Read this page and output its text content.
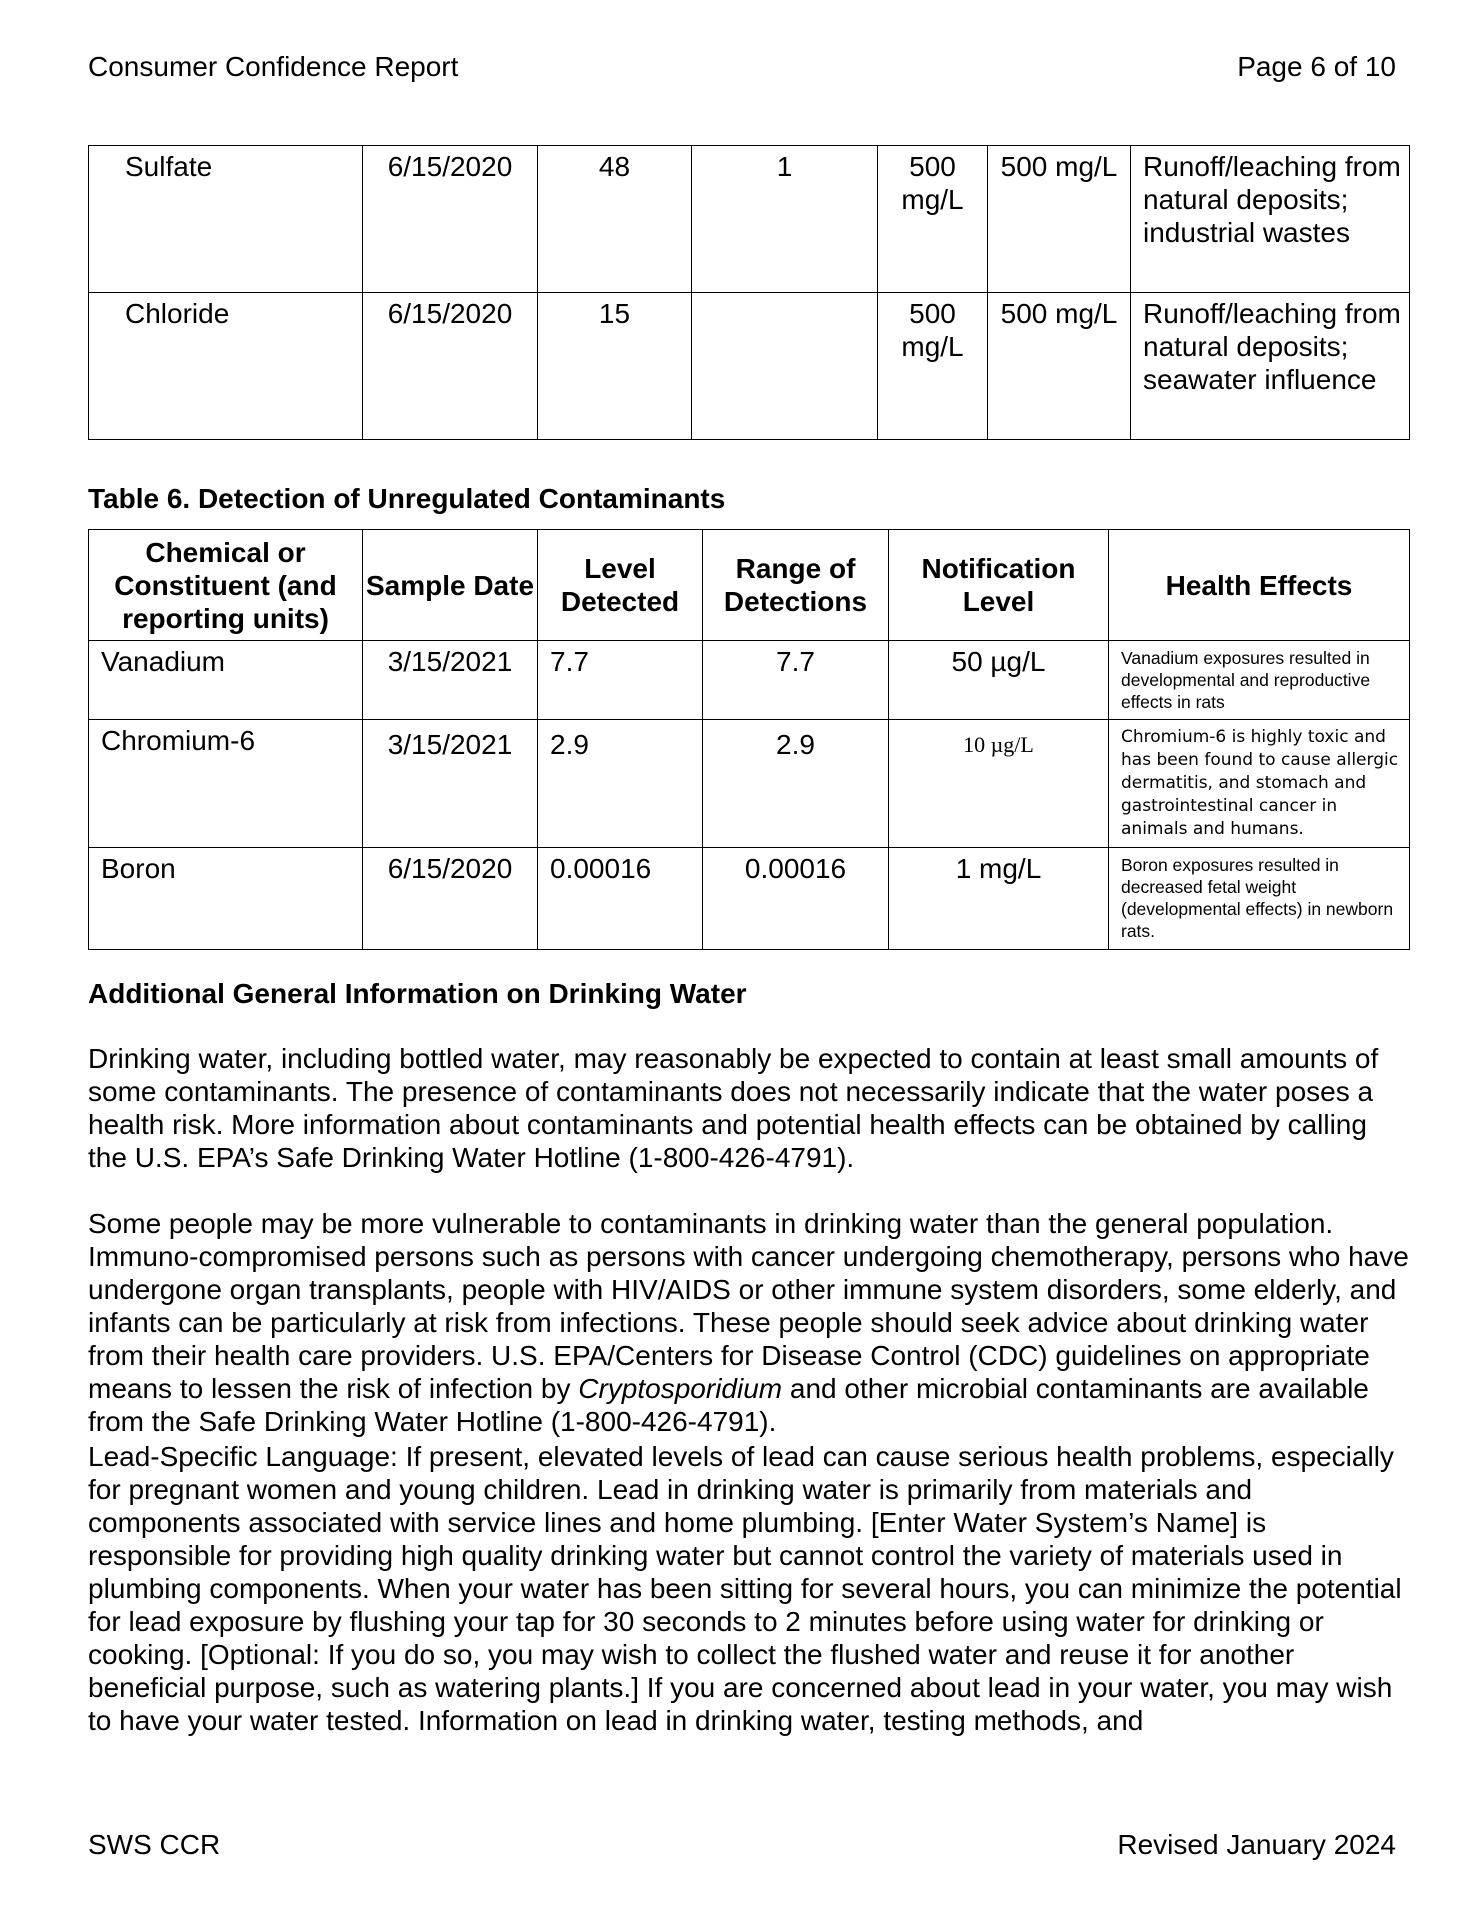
Consumer Confidence Report	Page 6 of 10
Sulfate	6/15/2020	48	1	500 mg/L	500 mg/L	Runoff/leaching from natural deposits; industrial wastes
Chloride	6/15/2020	15		500 mg/L	500 mg/L	Runoff/leaching from natural deposits; seawater influence
Table 6. Detection of Unregulated Contaminants
Chemical or Constituent (and reporting units)	Sample Date	Level Detected	Range of Detections	Notification Level	Health Effects
Vanadium	3/15/2021	7.7	7.7	50 µg/L	Vanadium exposures resulted in developmental and reproductive effects in rats
Chromium-6	3/15/2021	2.9	2.9	10 µg/L	Chromium-6 is highly toxic and has been found to cause allergic dermatitis, and stomach and gastrointestinal cancer in animals and humans.
Boron	6/15/2020	0.00016	0.00016	1 mg/L	Boron exposures resulted in decreased fetal weight (developmental effects) in newborn rats.
Additional General Information on Drinking Water

Drinking water, including bottled water, may reasonably be expected to contain at least small amounts of some contaminants. The presence of contaminants does not necessarily indicate that the water poses a health risk. More information about contaminants and potential health effects can be obtained by calling the U.S. EPA’s Safe Drinking Water Hotline (1-800-426-4791).

Some people may be more vulnerable to contaminants in drinking water than the general population. Immuno-compromised persons such as persons with cancer undergoing chemotherapy, persons who have undergone organ transplants, people with HIV/AIDS or other immune system disorders, some elderly, and infants can be particularly at risk from infections. These people should seek advice about drinking water from their health care providers. U.S. EPA/Centers for Disease Control (CDC) guidelines on appropriate means to lessen the risk of infection by Cryptosporidium and other microbial contaminants are available from the Safe Drinking Water Hotline (1-800-426-4791).

Lead-Specific Language: If present, elevated levels of lead can cause serious health problems, especially for pregnant women and young children. Lead in drinking water is primarily from materials and components associated with service lines and home plumbing. [Enter Water System’s Name] is responsible for providing high quality drinking water but cannot control the variety of materials used in plumbing components. When your water has been sitting for several hours, you can minimize the potential for lead exposure by flushing your tap for 30 seconds to 2 minutes before using water for drinking or cooking. [Optional: If you do so, you may wish to collect the flushed water and reuse it for another beneficial purpose, such as watering plants.] If you are concerned about lead in your water, you may wish to have your water tested. Information on lead in drinking water, testing methods, and

SWS CCR	Revised January 2024
